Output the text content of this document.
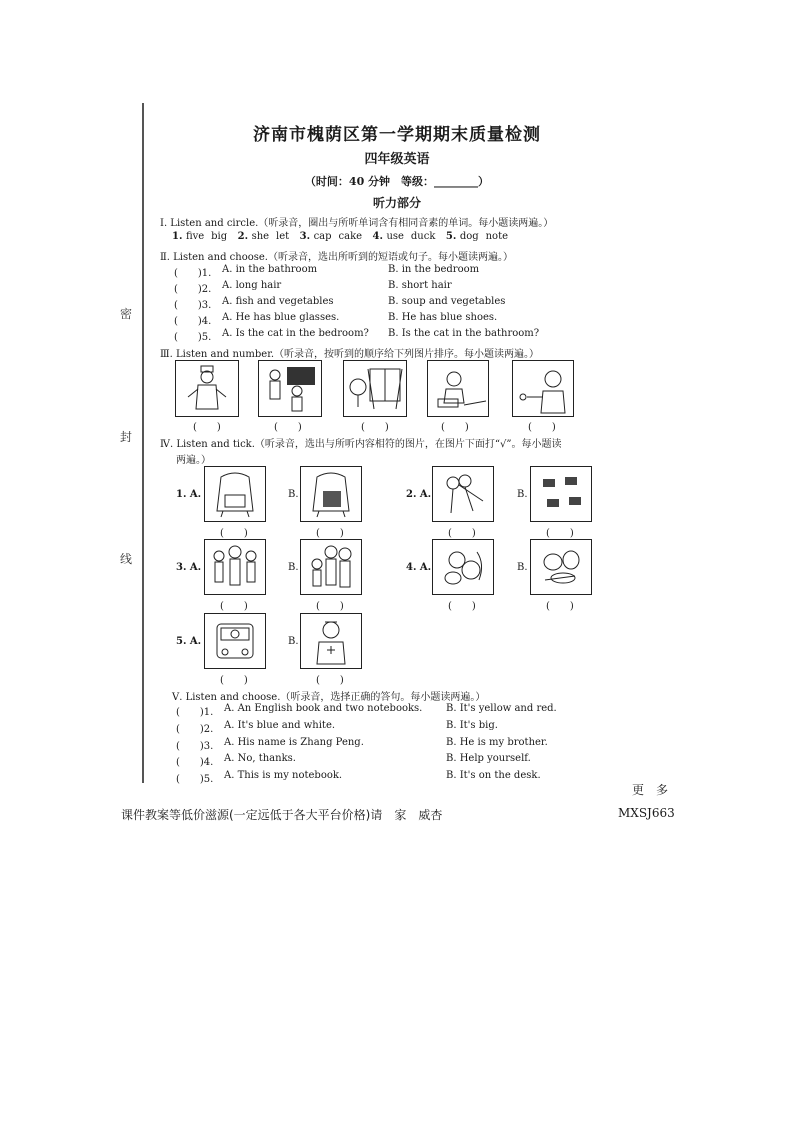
密
封
线
济南市槐荫区第一学期期末质量检测
四年级英语
（时间：40 分钟　等级：________）
听力部分
Ⅰ. Listen and circle.（听录音，圈出与所听单词含有相同音素的单词。每小题读两遍。）
1. five big 2. she let 3. cap cake 4. use duck 5. dog note
Ⅱ. Listen and choose.（听录音，选出所听到的短语或句子。每小题读两遍。）
(　　)1. A. in the bathroom	B. in the bedroom
(　　)2. A. long hair	B. short hair
(　　)3. A. fish and vegetables	B. soup and vegetables
(　　)4. A. He has blue glasses.	B. He has blue shoes.
(　　)5. A. Is the cat in the bedroom? B. Is the cat in the bathroom?
Ⅲ. Listen and number.（听录音，按听到的顺序给下列图片排序。每小题读两遍。）
(　　)	(　　)	(　　)	(　　)	(　　)
Ⅳ. Listen and tick.（听录音，选出与所听内容相符的图片，在图片下面打“√”。每小题读
两遍。）
1. A.
(　　)
B.
(　　)
2. A.
(　　)
B.
(　　)
3. A.
(　　)
B.
(　　)
4. A.
(　　)
B.
(　　)
5. A.
(　　)
B.
(　　)
Ⅴ. Listen and choose.（听录音，选择正确的答句。每小题读两遍。）
(　　)1. A. An English book and two notebooks. B. It's yellow and red.
(　　)2. A. It's blue and white.	B. It's big.
(　　)3. A. His name is Zhang Peng.	B. He is my brother.
(　　)4. A. No, thanks.	B. Help yourself.
(　　)5. A. This is my notebook.	B. It's on the desk.
更　多
课件教案等低价滋源(一定远低于各大平台价格)请　家　威杏	MXSJ663
